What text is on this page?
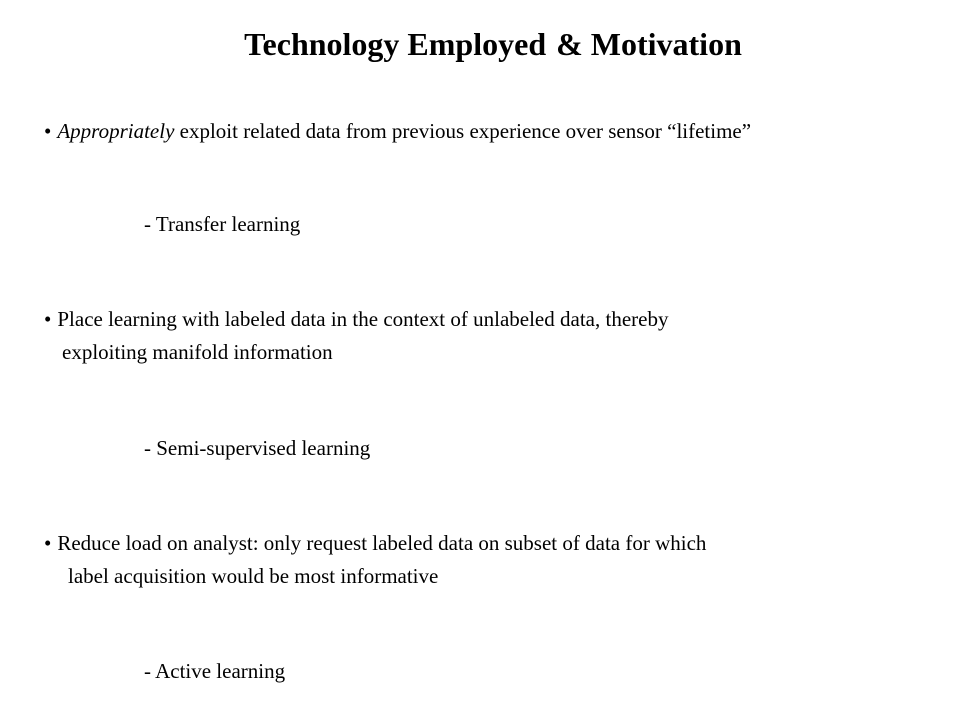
Technology Employed & Motivation
• Appropriately exploit related data from previous experience over sensor “lifetime”
- Transfer learning
• Place learning with labeled data in the context of unlabeled data, thereby
exploiting manifold information
- Semi-supervised learning
• Reduce load on analyst: only request labeled data on subset of data for which
label acquisition would be most informative
- Active learning
